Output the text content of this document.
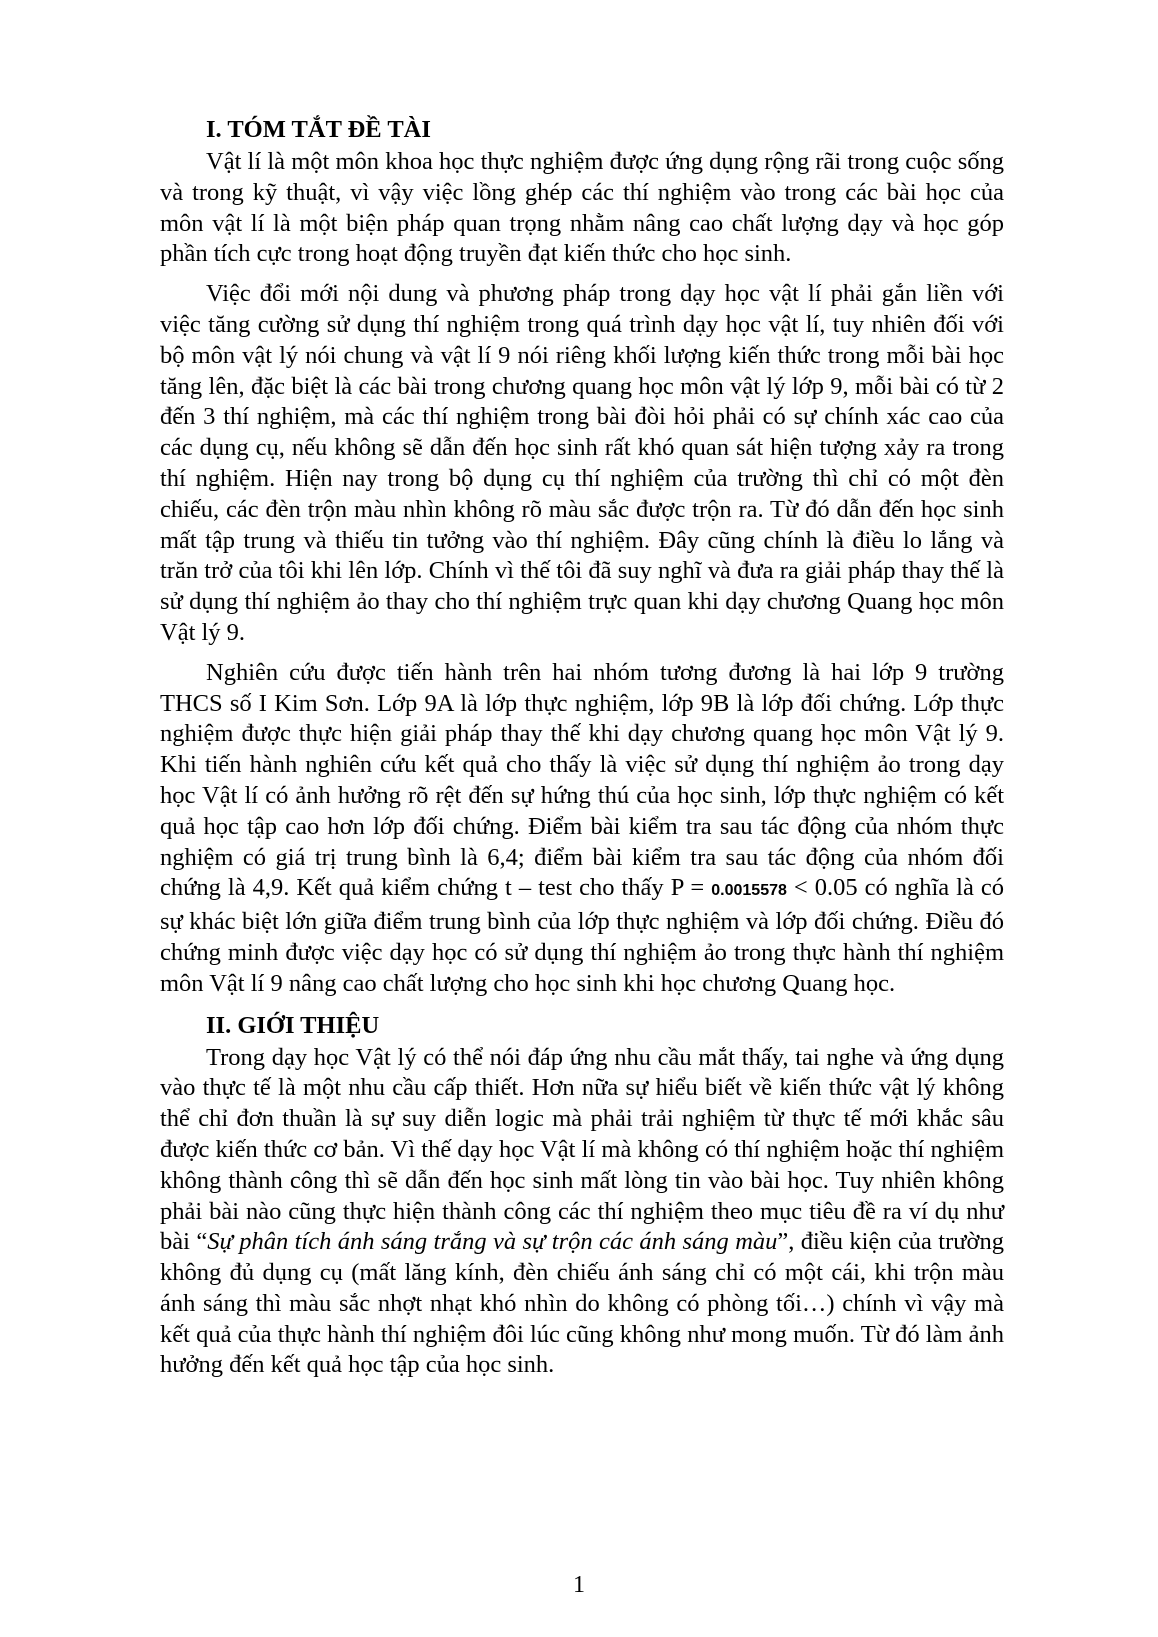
I. TÓM TẮT ĐỀ TÀI

Vật lí là một môn khoa học thực nghiệm được ứng dụng rộng rãi trong cuộc sống và trong kỹ thuật, vì vậy việc lồng ghép các thí nghiệm vào trong các bài học của môn vật lí là một biện pháp quan trọng nhằm nâng cao chất lượng dạy và học góp phần tích cực trong hoạt động truyền đạt kiến thức cho học sinh.

Việc đổi mới nội dung và phương pháp trong dạy học vật lí phải gắn liền với việc tăng cường sử dụng thí nghiệm trong quá trình dạy học vật lí, tuy nhiên đối với bộ môn vật lý nói chung và vật lí 9 nói riêng khối lượng kiến thức trong mỗi bài học tăng lên, đặc biệt là các bài trong chương quang học môn vật lý lớp 9, mỗi bài có từ 2 đến 3 thí nghiệm, mà các thí nghiệm trong bài đòi hỏi phải có sự chính xác cao của các dụng cụ, nếu không sẽ dẫn đến học sinh rất khó quan sát hiện tượng xảy ra trong thí nghiệm. Hiện nay trong bộ dụng cụ thí nghiệm của trường thì chỉ có một đèn chiếu, các đèn trộn màu nhìn không rõ màu sắc được trộn ra. Từ đó dẫn đến học sinh mất tập trung và thiếu tin tưởng vào thí nghiệm. Đây cũng chính là điều lo lắng và trăn trở của tôi khi lên lớp. Chính vì thế tôi đã suy nghĩ và đưa ra giải pháp thay thế là sử dụng thí nghiệm ảo thay cho thí nghiệm trực quan khi dạy chương Quang học môn Vật lý 9.

Nghiên cứu được tiến hành trên hai nhóm tương đương là hai lớp 9 trường THCS số I Kim Sơn. Lớp 9A là lớp thực nghiệm, lớp 9B là lớp đối chứng. Lớp thực nghiệm được thực hiện giải pháp thay thế khi dạy chương quang học môn Vật lý 9. Khi tiến hành nghiên cứu kết quả cho thấy là việc sử dụng thí nghiệm ảo trong dạy học Vật lí có ảnh hưởng rõ rệt đến sự hứng thú của học sinh, lớp thực nghiệm có kết quả học tập cao hơn lớp đối chứng. Điểm bài kiểm tra sau tác động của nhóm thực nghiệm có giá trị trung bình là 6,4; điểm bài kiểm tra sau tác động của nhóm đối chứng là 4,9. Kết quả kiểm chứng t – test cho thấy P = 0.0015578 < 0.05 có nghĩa là có sự khác biệt lớn giữa điểm trung bình của lớp thực nghiệm và lớp đối chứng. Điều đó chứng minh được việc dạy học có sử dụng thí nghiệm ảo trong thực hành thí nghiệm môn Vật lí 9 nâng cao chất lượng cho học sinh khi học chương Quang học.

II. GIỚI THIỆU

Trong dạy học Vật lý có thể nói đáp ứng nhu cầu mắt thấy, tai nghe và ứng dụng vào thực tế là một nhu cầu cấp thiết. Hơn nữa sự hiểu biết về kiến thức vật lý không thể chỉ đơn thuần là sự suy diễn logic mà phải trải nghiệm từ thực tế mới khắc sâu được kiến thức cơ bản. Vì thế dạy học Vật lí mà không có thí nghiệm hoặc thí nghiệm không thành công thì sẽ dẫn đến học sinh mất lòng tin vào bài học. Tuy nhiên không phải bài nào cũng thực hiện thành công các thí nghiệm theo mục tiêu đề ra ví dụ như bài “Sự phân tích ánh sáng trắng và sự trộn các ánh sáng màu”, điều kiện của trường không đủ dụng cụ (mất lăng kính, đèn chiếu ánh sáng chỉ có một cái, khi trộn màu ánh sáng thì màu sắc nhợt nhạt khó nhìn do không có phòng tối…) chính vì vậy mà kết quả của thực hành thí nghiệm đôi lúc cũng không như mong muốn. Từ đó làm ảnh hưởng đến kết quả học tập của học sinh.

1
